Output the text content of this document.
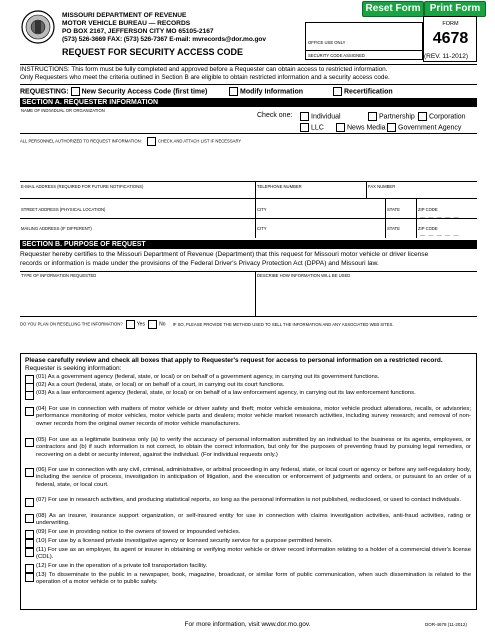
MISSOURI DEPARTMENT OF REVENUE
MOTOR VEHICLE BUREAU — RECORDS
PO BOX 2167, JEFFERSON CITY MO 65105-2167
(573) 526-3669 FAX: (573) 526-7367 E-mail: mvrecords@dor.mo.gov
REQUEST FOR SECURITY ACCESS CODE
Reset Form Print Form
OFFICE USE ONLY
SECURITY CODE ASSIGNED
FORM
4678
(REV. 11-2012)
INSTRUCTIONS: This form must be fully completed and approved before a Requester can obtain access to restricted information.
Only Requesters who meet the criteria outlined in Section B are eligible to obtain restricted information and a security access code.
REQUESTING: New Security Access Code (first time)	Modify Information	Recertification
SECTION A. REQUESTER INFORMATION
NAME OF INDIVIDUAL OR ORGANIZATION
Check one:	Individual	Partnership	Corporation
LLC	News Media	Government Agency
ALL PERSONNEL AUTHORIZED TO REQUEST INFORMATION:	CHECK AND ATTACH LIST IF NECESSARY
E-MAIL ADDRESS (REQUIRED FOR FUTURE NOTIFICATIONS)	TELEPHONE NUMBER	FAX NUMBER
STREET ADDRESS (PHYSICAL LOCATION)	CITY	STATE	ZIP CODE
— — — — —
MAILING ADDRESS (IF DIFFERENT)	CITY	STATE	ZIP CODE
— — — — —
SECTION B. PURPOSE OF REQUEST
Requester hereby certifies to the Missouri Department of Revenue (Department) that this request for Missouri motor vehicle or driver license
records or information is made under the provisions of the Federal Driver's Privacy Protection Act (DPPA) and Missouri law.
TYPE OF INFORMATION REQUESTED	DESCRIBE HOW INFORMATION WILL BE USED
DO YOU PLAN ON RESELLING THE INFORMATION?	Yes	No IF SO, PLEASE PROVIDE THE METHOD USED TO SELL THE INFORMATION AND ANY ASSOCIATED WEB SITES.
Please carefully review and check all boxes that apply to Requester's request for access to personal information on a restricted record. Requester is seeking information:
(01) As a government agency (federal, state, or local) or on behalf of a government agency, in carrying out its government functions.
(02) As a court (federal, state, or local) or on behalf of a court, in carrying out its court functions.
(03) As a law enforcement agency (federal, state, or local) or on behalf of a law enforcement agency, in carrying out its law enforcement functions.
(04) For use in connection with matters of motor vehicle or driver safety and theft; motor vehicle emissions, motor vehicle product alterations, recalls, or advisories; performance monitoring of motor vehicles, motor vehicle parts and dealers; motor vehicle market research activities, including survey research; and removal of non-owner records from the original owner records of motor vehicle manufacturers.
(05) For use as a legitimate business only (a) to verify the accuracy of personal information submitted by an individual to the business or its agents, employees, or contractors and (b) if such information is not correct, to obtain the correct information, but only for the purposes of preventing fraud by pursuing legal remedies, or recovering on a debt or security interest, against the individual. (For individual requests only.)
(06) For use in connection with any civil, criminal, administrative, or arbitral proceeding in any federal, state, or local court or agency or before any self-regulatory body, including the service of process, investigation in anticipation of litigation, and the execution or enforcement of judgments and orders, or pursuant to an order of a federal, state, or local court.
(07) For use in research activities, and producing statistical reports, so long as the personal information is not published, redisclosed, or used to contact individuals.
(08) As an insurer, insurance support organization, or self-insured entity for use in connection with claims investigation activities, anti-fraud activities, rating or underwriting.
(09) For use in providing notice to the owners of towed or impounded vehicles.
(10) For use by a licensed private investigative agency or licensed security service for a purpose permitted herein.
(11) For use as an employer, its agent or insurer in obtaining or verifying motor vehicle or driver record information relating to a holder of a commercial driver's license (CDL).
(12) For use in the operation of a private toll transportation facility.
(13) To disseminate to the public in a newspaper, book, magazine, broadcast, or similar form of public communication, when such dissemination is related to the operation of a motor vehicle or to public safety.
For more information, visit www.dor.mo.gov.	DOR-4678 (11-2012)
